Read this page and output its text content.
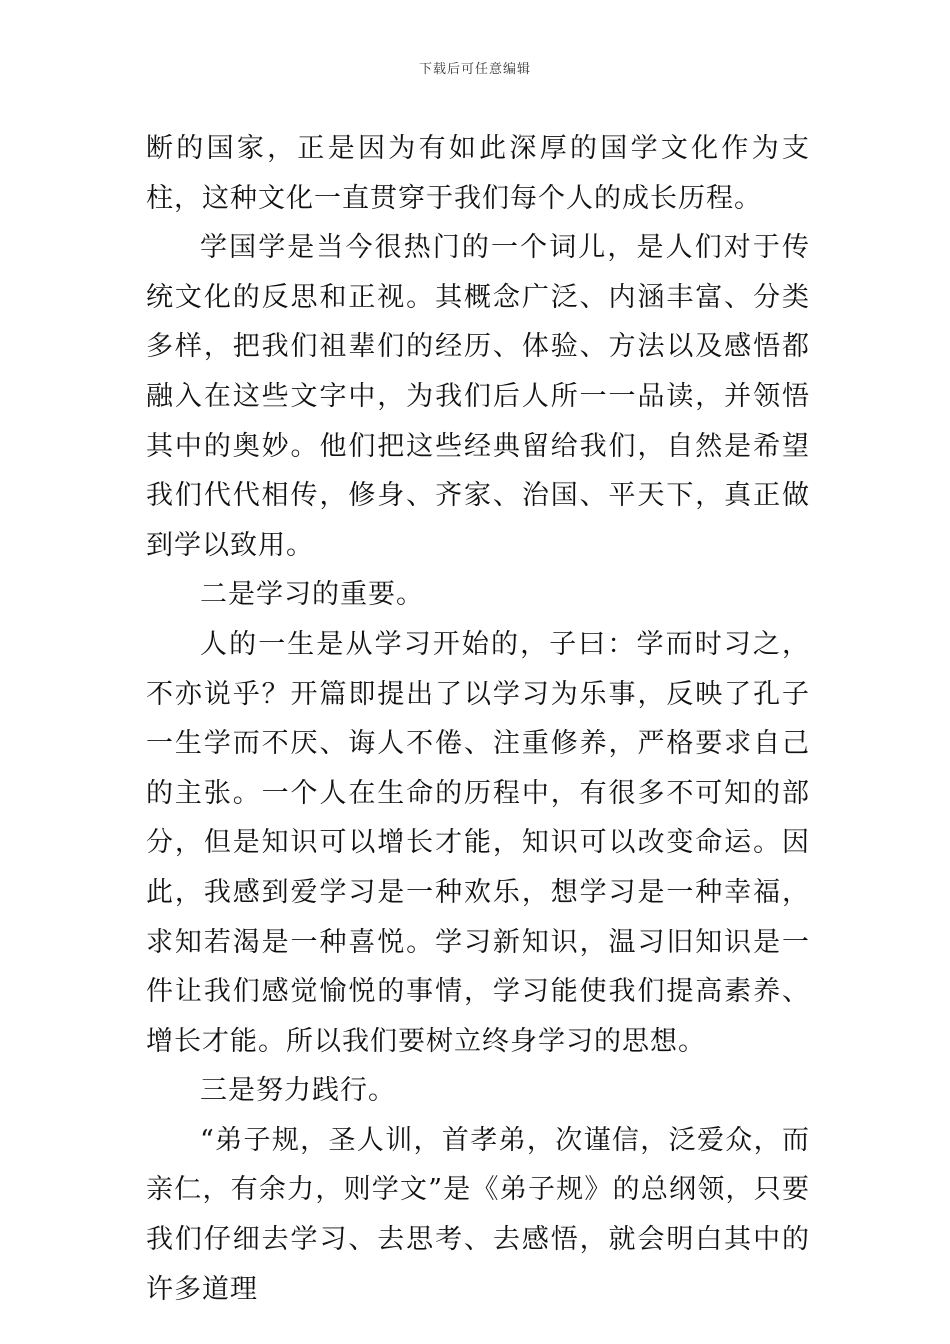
下载后可任意编辑

断的国家，正是因为有如此深厚的国学文化作为支柱，这种文化一直贯穿于我们每个人的成长历程。

学国学是当今很热门的一个词儿，是人们对于传统文化的反思和正视。其概念广泛、内涵丰富、分类多样，把我们祖辈们的经历、体验、方法以及感悟都融入在这些文字中，为我们后人所一一品读，并领悟其中的奥妙。他们把这些经典留给我们，自然是希望我们代代相传，修身、齐家、治国、平天下，真正做到学以致用。

二是学习的重要。

人的一生是从学习开始的，子曰：学而时习之，不亦说乎？开篇即提出了以学习为乐事，反映了孔子一生学而不厌、诲人不倦、注重修养，严格要求自己的主张。一个人在生命的历程中，有很多不可知的部分，但是知识可以增长才能，知识可以改变命运。因此，我感到爱学习是一种欢乐，想学习是一种幸福，求知若渴是一种喜悦。学习新知识，温习旧知识是一件让我们感觉愉悦的事情，学习能使我们提高素养、增长才能。所以我们要树立终身学习的思想。

三是努力践行。

“弟子规，圣人训，首孝弟，次谨信，泛爱众，而亲仁，有余力，则学文”是《弟子规》的总纲领，只要我们仔细去学习、去思考、去感悟，就会明白其中的许多道理
